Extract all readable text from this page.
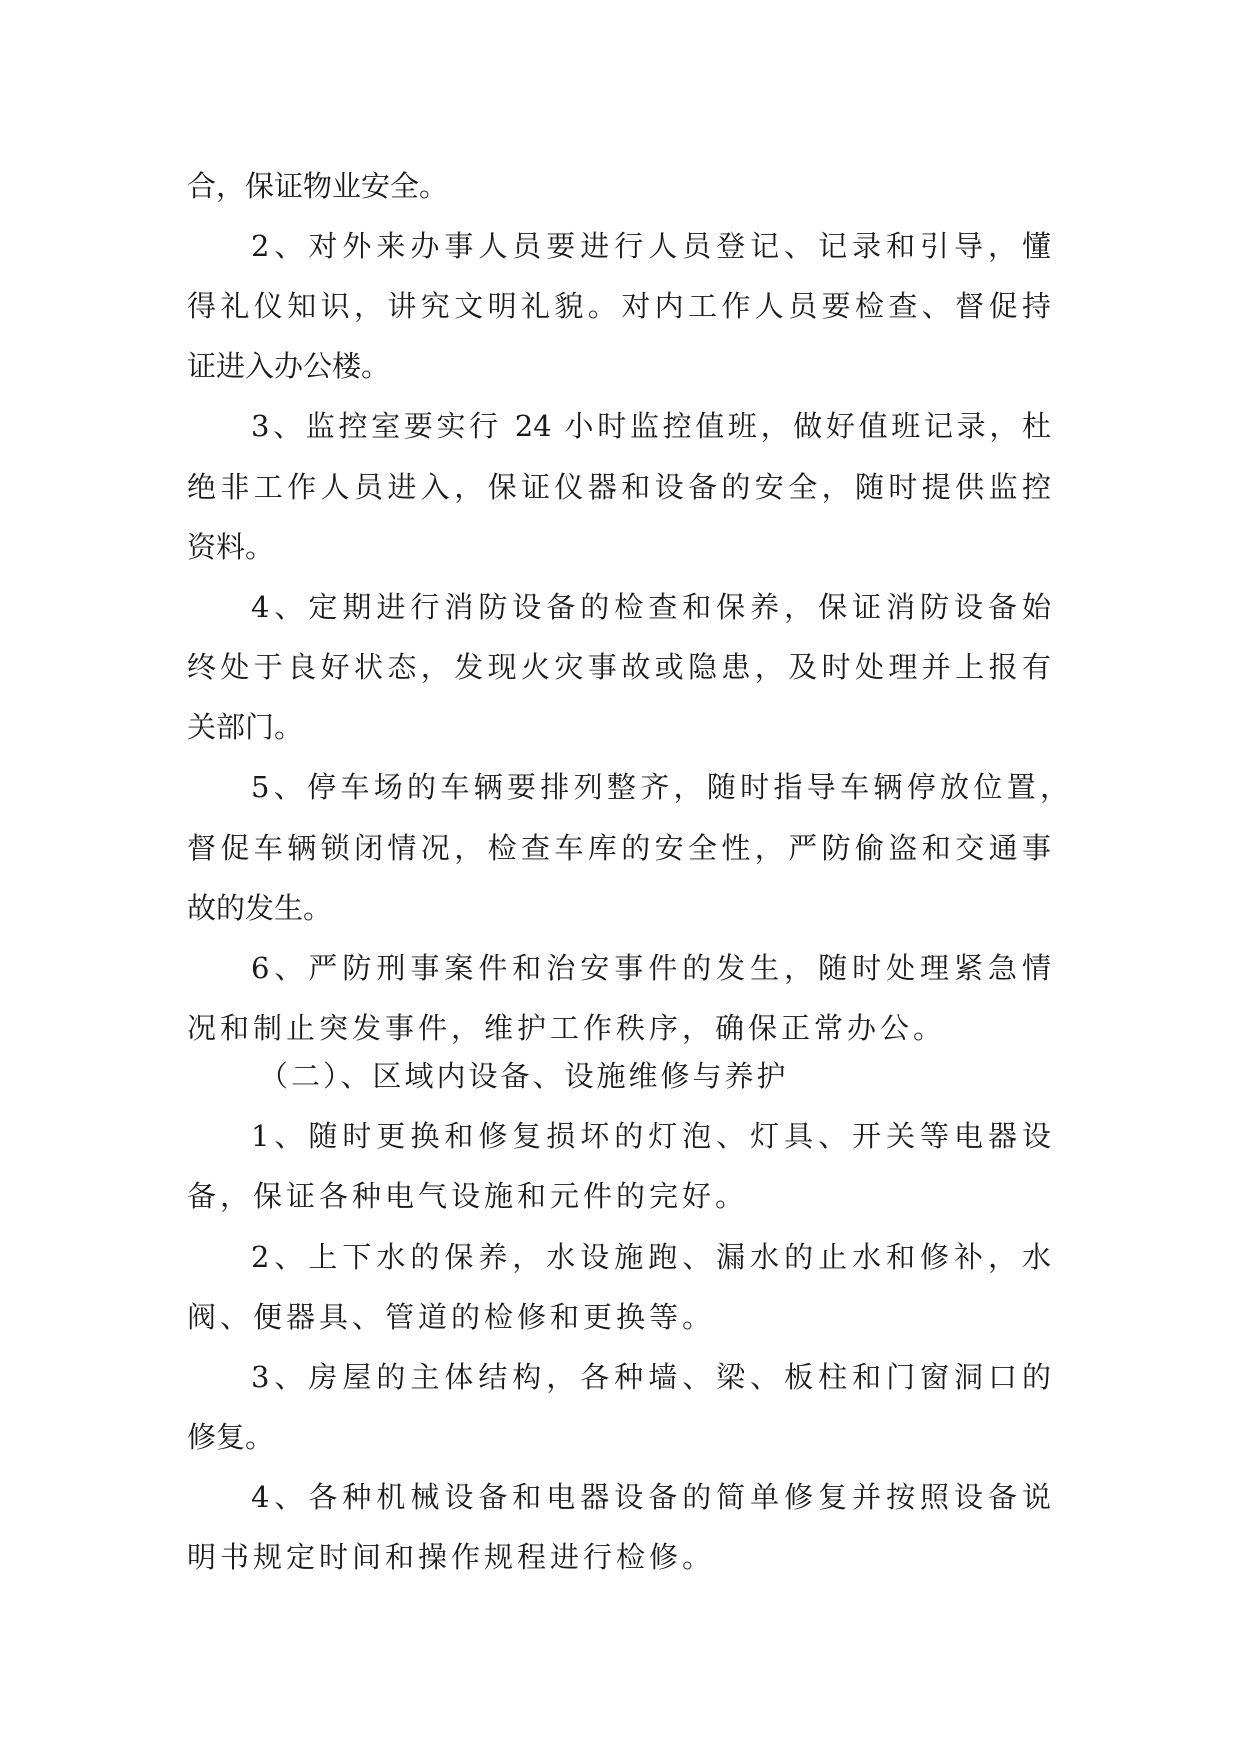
合，保证物业安全。

2、对外来办事人员要进行人员登记、记录和引导，懂

得礼仪知识，讲究文明礼貌。对内工作人员要检查、督促持

证进入办公楼。

3、监控室要实行 24 小时监控值班，做好值班记录，杜

绝非工作人员进入，保证仪器和设备的安全，随时提供监控

资料。

4、定期进行消防设备的检查和保养，保证消防设备始

终处于良好状态，发现火灾事故或隐患，及时处理并上报有

关部门。

5、停车场的车辆要排列整齐，随时指导车辆停放位置，

督促车辆锁闭情况，检查车库的安全性，严防偷盗和交通事

故的发生。

6、严防刑事案件和治安事件的发生，随时处理紧急情

况和制止突发事件，维护工作秩序，确保正常办公。

（二）、区域内设备、设施维修与养护

1、随时更换和修复损坏的灯泡、灯具、开关等电器设

备，保证各种电气设施和元件的完好。

2、上下水的保养，水设施跑、漏水的止水和修补，水

阀、便器具、管道的检修和更换等。

3、房屋的主体结构，各种墙、梁、板柱和门窗洞口的

修复。

4、各种机械设备和电器设备的简单修复并按照设备说

明书规定时间和操作规程进行检修。
